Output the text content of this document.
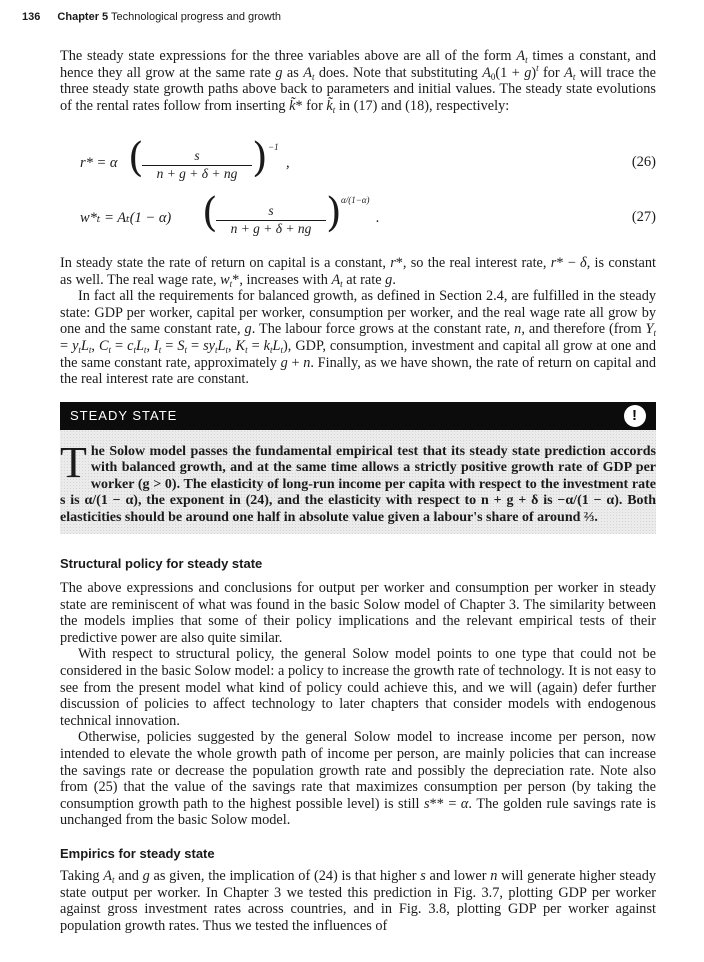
136 Chapter 5 Technological progress and growth

The steady state expressions for the three variables above are all of the form $A_t$ times a constant, and hence they all grow at the same rate g as $A_t$ does. Note that substituting $A_0(1 + g)^t$ for $A_t$ will trace the three steady state growth paths above back to parameters and initial values. The steady state evolutions of the rental rates follow from inserting k̃* for $k̃_t$ in (17) and (18), respectively:

r* = α (
$\frac{s}{n + g + \delta + ng}$ ) −1
,	(26)
w*ₜ = Aₜ(1 − α) (
$\frac{s}{n + g + \delta + ng}$ ) α/(1−α)
.	(27)

In steady state the rate of return on capital is a constant, r*, so the real interest rate, r* − δ, is constant as well. The real wage rate, $w_t*$, increases with $A_t$ at rate g.

In fact all the requirements for balanced growth, as defined in Section 2.4, are fulfilled in the steady state: GDP per worker, capital per worker, consumption per worker, and the real wage rate all grow by one and the same constant rate, g. The labour force grows at the constant rate, n, and therefore (from $Y_t = y_tL_t$, $C_t = c_tL_t$, $I_t = S_t = sy_tL_t$, $K_t = k_tL_t$), GDP, consumption, investment and capital all grow at one and the same constant rate, approximately g + n. Finally, as we have shown, the rate of return on capital and the real interest rate are constant.

STEADY STATE	!

The Solow model passes the fundamental empirical test that its steady state prediction accords with balanced growth, and at the same time allows a strictly positive growth rate of GDP per worker (g > 0). The elasticity of long-run income per capita with respect to the investment rate s is α/(1 − α), the exponent in (24), and the elasticity with respect to n + g + δ is −α/(1 − α). Both elasticities should be around one half in absolute value given a labour's share of around ⅔.

Structural policy for steady state

The above expressions and conclusions for output per worker and consumption per worker in steady state are reminiscent of what was found in the basic Solow model of Chapter 3. The similarity between the models implies that some of their policy implications and the relevant empirical tests of their predictive power are also quite similar.

With respect to structural policy, the general Solow model points to one type that could not be considered in the basic Solow model: a policy to increase the growth rate of technology. It is not easy to see from the present model what kind of policy could achieve this, and we will (again) defer further discussion of policies to affect technology to later chapters that consider models with endogenous technical innovation.

Otherwise, policies suggested by the general Solow model to increase income per person, now intended to elevate the whole growth path of income per person, are mainly policies that can increase the savings rate or decrease the population growth rate and possibly the depreciation rate. Note also from (25) that the value of the savings rate that maximizes consumption per person (by taking the consumption growth path to the highest possible level) is still s** = α. The golden rule savings rate is unchanged from the basic Solow model.

Empirics for steady state

Taking $A_t$ and g as given, the implication of (24) is that higher s and lower n will generate higher steady state output per worker. In Chapter 3 we tested this prediction in Fig. 3.7, plotting GDP per worker against gross investment rates across countries, and in Fig. 3.8, plotting GDP per worker against population growth rates. Thus we tested the influences of
